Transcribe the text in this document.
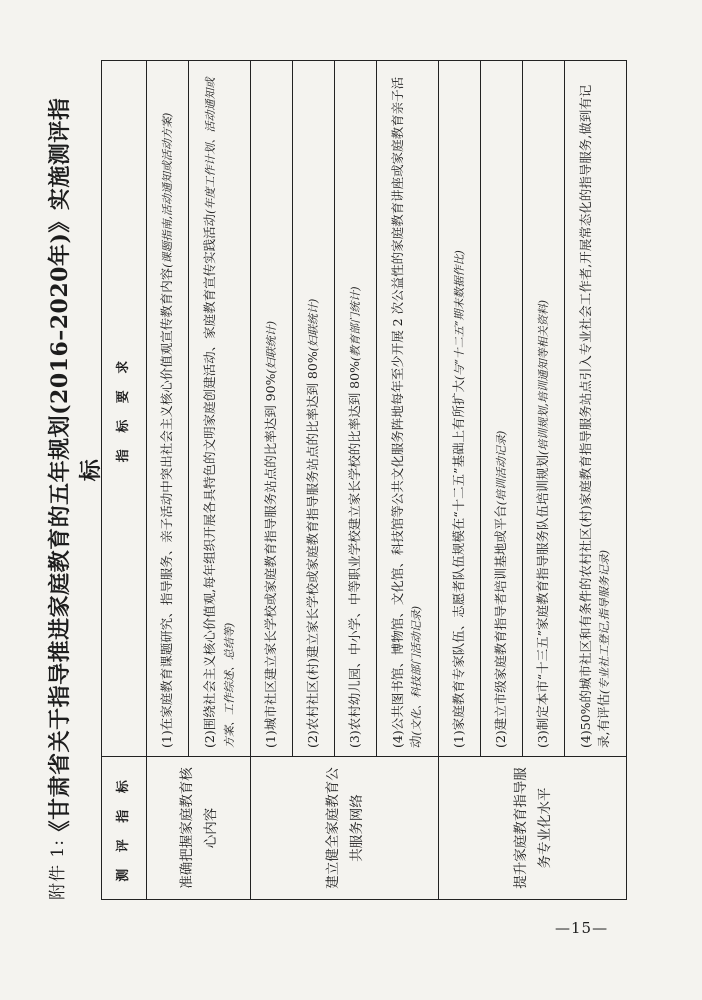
附件 1:
《甘肃省关于指导推进家庭教育的五年规划(2016–2020年)》实施测评指标
测 评 指 标	指 标 要 求
准确把握家庭教育核心内容	(1)在家庭教育课题研究、指导服务、亲子活动中突出社会主义核心价值观宣传教育内容(课题指南,活动通知或活动方案)
	(2)围绕社会主义核心价值观,每年组织开展各具特色的文明家庭创建活动、家庭教育宣传实践活动(年度工作计划、活动通知或方案、工作综述、总结等)
建立健全家庭教育公共服务网络	(1)城市社区建立家长学校或家庭教育指导服务站点的比率达到 90%(妇联统计)
	(2)农村社区(村)建立家长学校或家庭教育指导服务站点的比率达到 80%(妇联统计)
	(3)农村幼儿园、中小学、中等职业学校建立家长学校的比率达到 80%(教育部门统计)
	(4)公共图书馆、博物馆、文化馆、科技馆等公共文化服务阵地每年至少开展 2 次公益性的家庭教育讲座或家庭教育亲子活动(文化、科技部门活动记录)
提升家庭教育指导服务专业化水平	(1)家庭教育专家队伍、志愿者队伍规模在“十二五”基础上有所扩大(与“十二五”期末数据作比)
	(2)建立市级家庭教育指导者培训基地或平台(培训活动记录)
	(3)制定本市“十三五”家庭教育指导服务队伍培训规划(培训规划,培训通知等相关资料)
	(4)50%的城市社区和有条件的农村社区(村)家庭教育指导服务站点引入专业社会工作者,开展常态化的指导服务,做到有记录,有评估(专业社工登记,指导服务记录)
—15—
